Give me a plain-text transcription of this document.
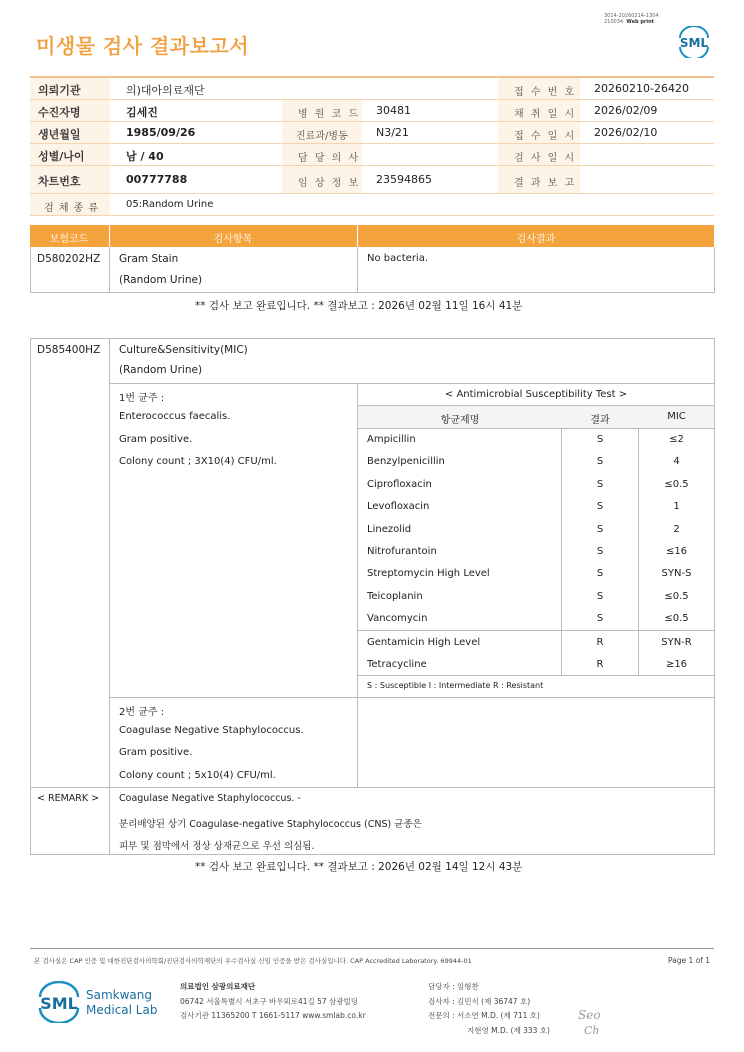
미생물 검사 결과보고서
3014-20260214-1304
210034 Web print
SML
의뢰기관	의)대아의료재단	접 수 번 호 20260210-26420
수진자명	김세진	병 원 코 드 30481	채 취 일 시 2026/02/09
생년월일	1985/09/26	진료과/병동	N3/21	접 수 일 시 2026/02/10
성별/나이	남 / 40	담 당 의 사	검 사 일 시
차트번호	00777788	임 상 정 보 23594865	결 과 보 고
검 체 종 류	05:Random Urine
보험코드	검사항목	검사결과
D580202HZ Gram Stain
(Random Urine)
No bacteria.
** 검사 보고 완료입니다. ** 결과보고 : 2026년 02월 11일 16시 41분
D585400HZ Culture&Sensitivity(MIC)
(Random Urine)
1번 균주 :
Enterococcus faecalis.
Gram positive.
Colony count ; 3X10(4) CFU/ml.
< Antimicrobial Susceptibility Test >
항균제명	결과	MIC
Ampicillin	S	≤2
Benzylpenicillin	S	4
Ciprofloxacin	S	≤0.5
Levofloxacin	S	1
Linezolid	S	2
Nitrofurantoin	S	≤16
Streptomycin High Level	S	SYN-S
Teicoplanin	S	≤0.5
Vancomycin	S	≤0.5
Gentamicin High Level	R	SYN-R
Tetracycline	R	≥16
S : Susceptible I : Intermediate R : Resistant
2번 균주 :
Coagulase Negative Staphylococcus.
Gram positive.
Colony count ; 5x10(4) CFU/ml.
< REMARK > Coagulase Negative Staphylococcus. -
분리배양된 상기 Coagulase-negative Staphylococcus (CNS) 균종은
피부 및 점막에서 정상 상재균으로 우선 의심됨.
** 검사 보고 완료입니다. ** 결과보고 : 2026년 02월 14일 12시 43분
본 검사실은 CAP 인증 및 대한진단검사의학회/진단검사의학재단의 우수검사실 신임 인증을 받은 검사실입니다. CAP Accredited Laboratory. 69944-01	Page 1 of 1
SML Samkwang
Medical Lab
의료법인 삼광의료재단
06742 서울특별시 서초구 바우뫼로41길 57 삼광빌딩
검사기관 11365200 T 1661-5117 www.smlab.co.kr
담당자 : 임형찬
검사자 : 김민식 (제 36747 호)
전문의 : 서소연 M.D. (제 711 호)
지현영 M.D. (제 333 호)
Seo
Ch
